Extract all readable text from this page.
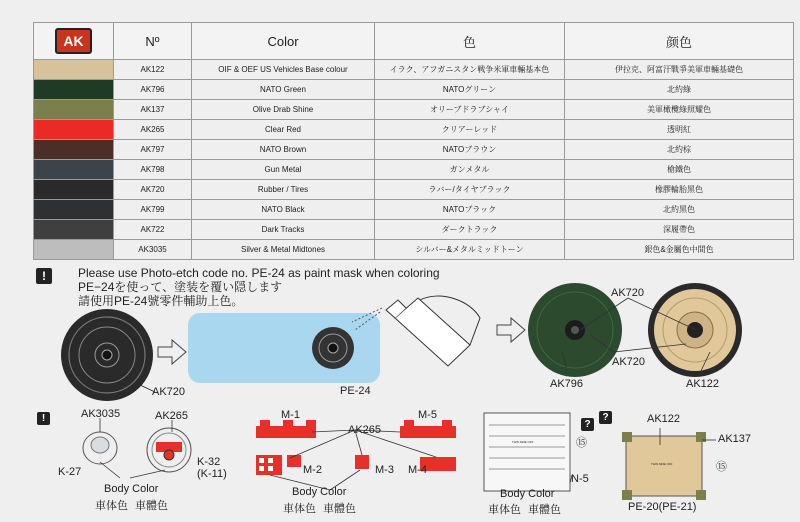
AK	Nº	Color	色	颜色
	AK122	OIF & OEF US Vehicles Base colour	イラク、アフガニスタン戦争米軍車輛基本色	伊拉克、阿富汗戰爭美軍車輛基礎色
	AK796	NATO Green	NATOグリーン	北約綠
	AK137	Olive Drab Shine	オリーブドラブシャイ	美軍橄欖綠照耀色
	AK265	Clear Red	クリアーレッド	透明紅
	AK797	NATO Brown	NATOブラウン	北約棕
	AK798	Gun Metal	ガンメタル	槍鐵色
	AK720	Rubber / Tires	ラバー/タイヤブラック	橡膠輪胎黑色
	AK799	NATO Black	NATOブラック	北約黑色
	AK722	Dark Tracks	ダークトラック	深履帶色
	AK3035	Silver & Metal Midtones	シルバー&メタルミッドトーン	銀色&金屬色中間色
!	Please use Photo-etch code no. PE-24 as paint mask when coloring
PE−24を使って、塗装を覆い隠します
請使用PE-24號零件輔助上色。
AK720	PE-24
AK720
AK720
AK796	AK122
!	AK3035	AK265
K-27
K-32
(K-11)
Body Color
車体色 車體色
M-1	M-5
AK265
M-2	M-3 M-4
Body Color
車体色 車體色
?
THIS SIDE OFF	⑮
N-5
Body Color
車体色 車體色
?	AK122
AK137
THIS SIDE OFF	⑮
PE-20(PE-21)
